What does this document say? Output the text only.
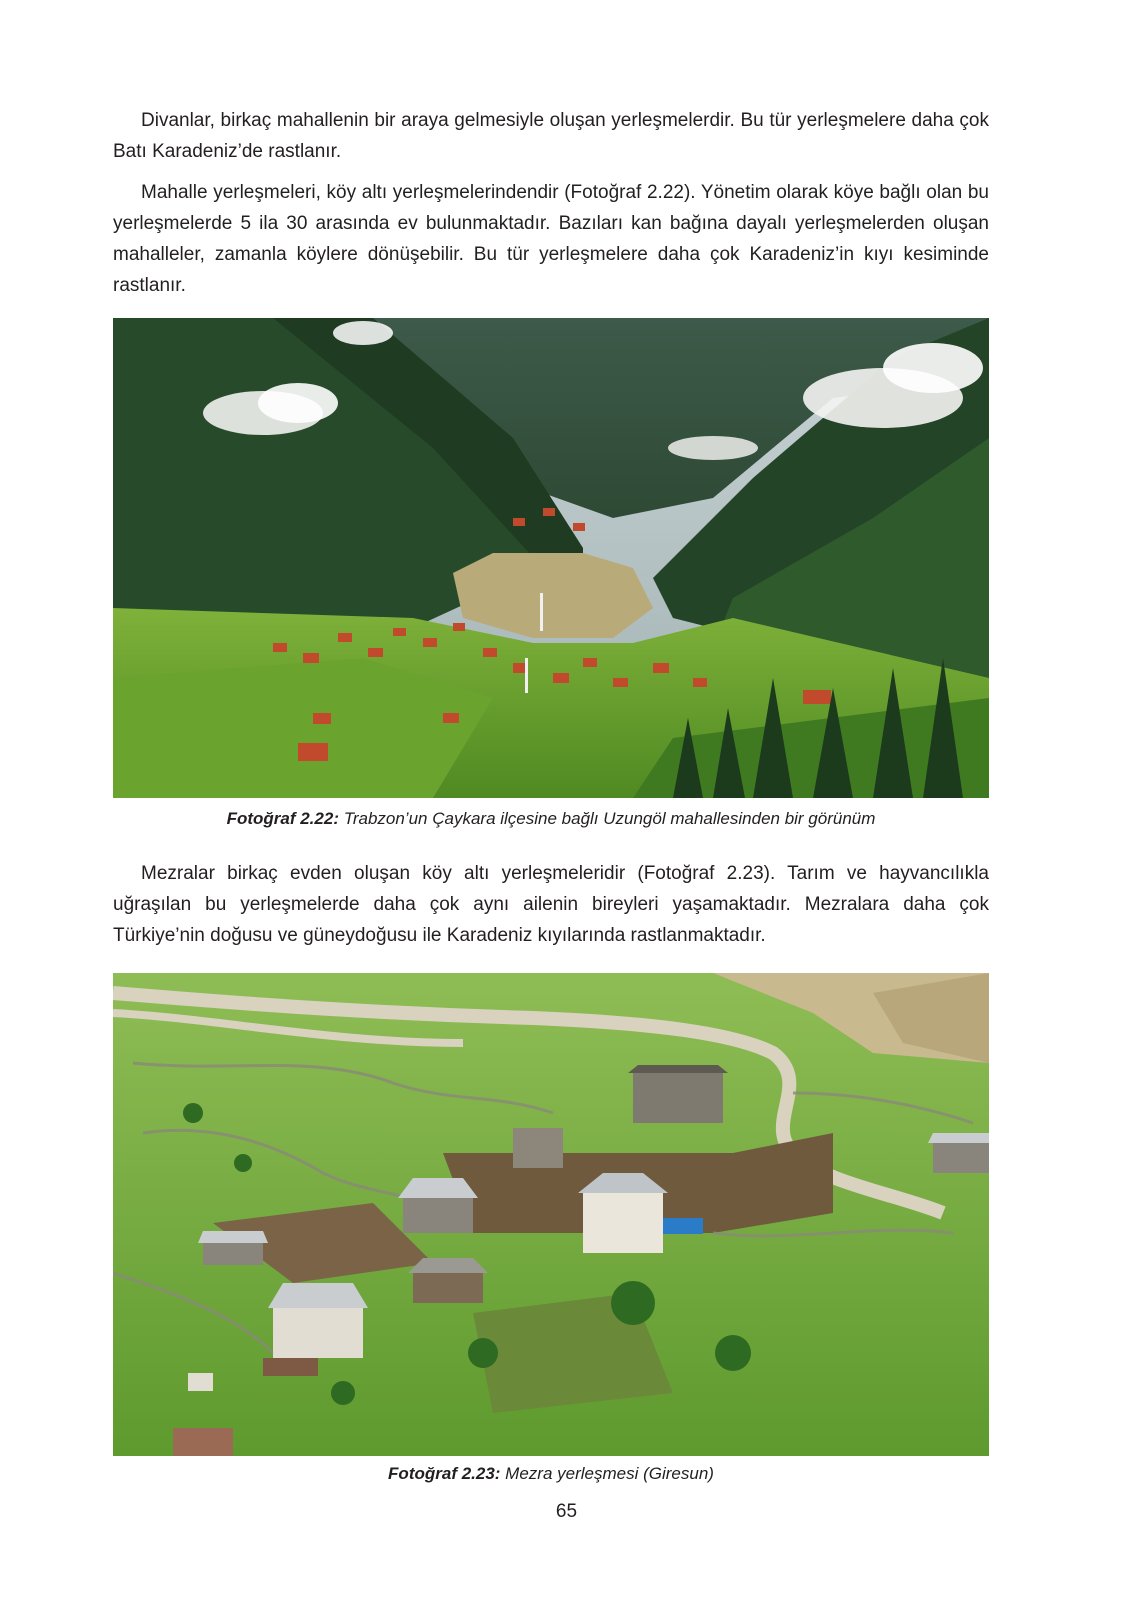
Divanlar, birkaç mahallenin bir araya gelmesiyle oluşan yerleşmelerdir. Bu tür yerleşmelere daha çok Batı Karadeniz’de rastlanır.

Mahalle yerleşmeleri, köy altı yerleşmelerindendir (Fotoğraf 2.22). Yönetim olarak köye bağlı olan bu yerleşmelerde 5 ila 30 arasında ev bulunmaktadır. Bazıları kan bağına dayalı yerleşmelerden oluşan mahalleler, zamanla köylere dönüşebilir. Bu tür yerleşmelere daha çok Karadeniz’in kıyı kesiminde rastlanır.

Fotoğraf 2.22: Trabzon’un Çaykara ilçesine bağlı Uzungöl mahallesinden bir görünüm

Mezralar birkaç evden oluşan köy altı yerleşmeleridir (Fotoğraf 2.23). Tarım ve hayvancılıkla uğraşılan bu yerleşmelerde daha çok aynı ailenin bireyleri yaşamaktadır. Mezralara daha çok Türkiye’nin doğusu ve güneydoğusu ile Karadeniz kıyılarında rastlanmaktadır.

Fotoğraf 2.23: Mezra yerleşmesi (Giresun)

65
